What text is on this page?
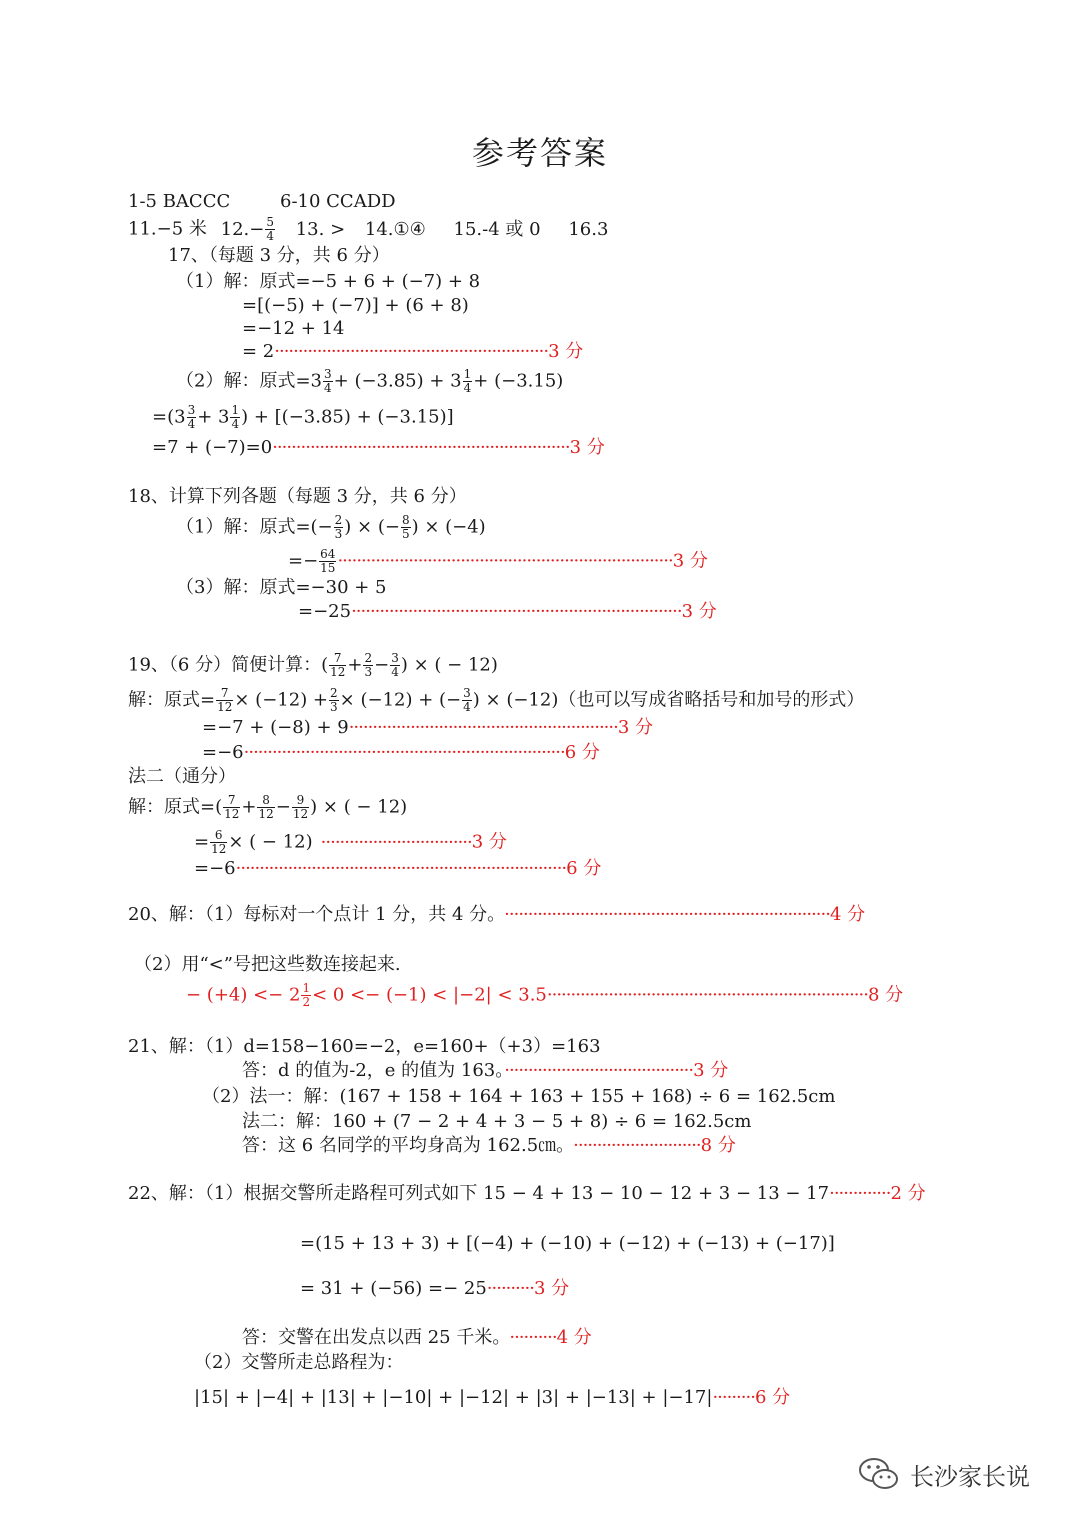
参考答案
1-5 BACCC	6-10 CCADD
11.−5 米 $12.- \frac{5}{4} 13$. > 14.①④ 15.-4 或 0 16.3
17、（每题 3 分，共 6 分）
（1）解：原式=−5 + 6 + (−7) + 8
=[(−5) + (−7)] + (6 + 8)
=−12 + 14
= 2··························································3 分
（2）解：原式$=3 \frac{3}{4} + (-3.85) + 3 \frac{1}{4} + (-3.15)$
$=(3 \frac{3}{4} + 3 \frac{1}{4}$ ) + [(−3.85) + (−3.15)]
=7 + (−7)=0·······························································3 分
18、计算下列各题（每题 3 分，共 6 分）
（1）解：原式=(− $\frac{2}{3}$ ) × (− $\frac{8}{5}$ ) × (−4)
=− $\frac{64}{15} \cdot\cdot\cdot\cdot\cdot\cdot\cdot\cdot\cdot\cdot\cdot\cdot\cdot\cdot\cdot\cdot\cdot\cdot\cdot\cdot\cdot\cdot\cdot\cdot\cdot\cdot\cdot\cdot\cdot\cdot\cdot\cdot\cdot\cdot\cdot\cdot\cdot\cdot\cdot\cdot\cdot\cdot\cdot\cdot\cdot\cdot\cdot\cdot\cdot\cdot\cdot\cdot\cdot\cdot\cdot\cdot\cdot\cdot\cdot\cdot\cdot\cdot\cdot\cdot\cdot\cdot\cdot\cdot\cdot\cdot\cdot 3$ 分
（3）解：原式=−30 + 5
=−25······································································3 分
19、（6 分）简便计算：( $\frac{7}{12} + \frac{2}{3} - \frac{3}{4}$ ) × ( − 12)
解：原式= $\frac{7}{12} \times (-12) + \frac{2}{3} \times (-12)$ + (− $\frac{3}{4}$ ) × (−12)（也可以写成省略括号和加号的形式）
=−7 + (−8) + 9·························································3 分
=−6····································································6 分
法二（通分）
解：原式=( $\frac{7}{12} + \frac{8}{12} - \frac{9}{12}$ ) × ( − 12)
= $\frac{6}{12}$ × ( − 12) ································3 分
=−6······································································6 分
20、解：（1）每标对一个点计 1 分，共 4 分。 ·····································································4 分
（2）用“<”号把这些数连接起来.
− $(+4) <- 2 \frac{1}{2} < 0 <- (-1) < |-2| < 3.5\cdot\cdot\cdot\cdot\cdot\cdot\cdot\cdot\cdot\cdot\cdot\cdot\cdot\cdot\cdot\cdot\cdot\cdot\cdot\cdot\cdot\cdot\cdot\cdot\cdot\cdot\cdot\cdot\cdot\cdot\cdot\cdot\cdot\cdot\cdot\cdot\cdot\cdot\cdot\cdot\cdot\cdot\cdot\cdot\cdot\cdot\cdot\cdot\cdot\cdot\cdot\cdot\cdot\cdot\cdot\cdot\cdot\cdot\cdot\cdot\cdot\cdot\cdot\cdot\cdot\cdot\cdot\cdot 8$ 分
21、解：（1）d=158−160=−2，e=160+（+3）=163
答：d 的值为-2，e 的值为 163。········································3 分
（2）法一：解：(167 + 158 + 164 + 163 + 155 + 168) ÷ 6 = 162.5cm
法二：解：160 + (7 − 2 + 4 + 3 − 5 + 8) ÷ 6 = 162.5cm
答：这 6 名同学的平均身高为 162.5㎝。 ···························8 分
22、解：（1）根据交警所走路程可列式如下 15 − 4 + 13 − 10 − 12 + 3 − 13 − 17·············2 分
=(15 + 13 + 3) + [(−4) + (−10) + (−12) + (−13) + (−17)]
= 31 + (−56) =− 25··········3 分
答：交警在出发点以西 25 千米。 ··········4 分
（2）交警所走总路程为：
|15| + |−4| + |13| + |−10| + |−12| + |3| + |−13| + |−17|·········6 分
长沙家长说
